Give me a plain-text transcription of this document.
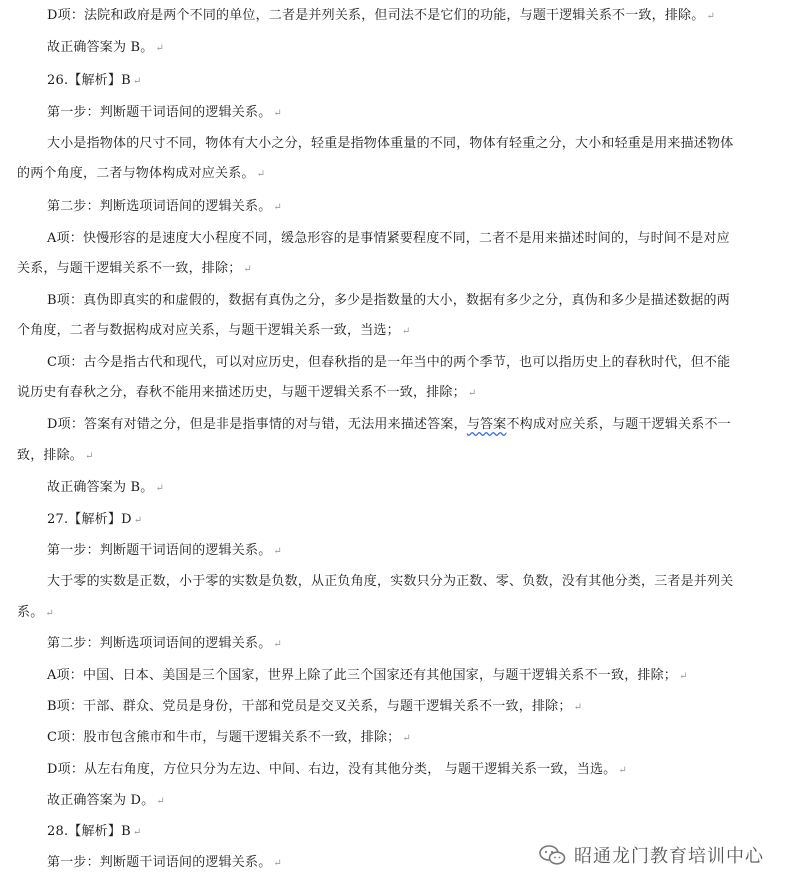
D项：法院和政府是两个不同的单位，二者是并列关系，但司法不是它们的功能，与题干逻辑关系不一致，排除。 ↵
故正确答案为 B。 ↵
26.【解析】B ↵
第一步：判断题干词语间的逻辑关系。 ↵
大小是指物体的尺寸不同，物体有大小之分，轻重是指物体重量的不同，物体有轻重之分，大小和轻重是用来描述物体
的两个角度，二者与物体构成对应关系。 ↵
第二步：判断选项词语间的逻辑关系。 ↵
A项：快慢形容的是速度大小程度不同，缓急形容的是事情紧要程度不同，二者不是用来描述时间的，与时间不是对应
关系，与题干逻辑关系不一致，排除； ↵
B项：真伪即真实的和虚假的，数据有真伪之分，多少是指数量的大小，数据有多少之分，真伪和多少是描述数据的两
个角度，二者与数据构成对应关系，与题干逻辑关系一致，当选； ↵
C项：古今是指古代和现代，可以对应历史，但春秋指的是一年当中的两个季节，也可以指历史上的春秋时代，但不能
说历史有春秋之分，春秋不能用来描述历史，与题干逻辑关系不一致，排除； ↵
D项：答案有对错之分，但是非是指事情的对与错，无法用来描述答案，与答案不构成对应关系，与题干逻辑关系不一
致，排除。 ↵
故正确答案为 B。 ↵
27.【解析】D ↵
第一步：判断题干词语间的逻辑关系。 ↵
大于零的实数是正数，小于零的实数是负数，从正负角度，实数只分为正数、零、负数，没有其他分类，三者是并列关
系。 ↵
第二步：判断选项词语间的逻辑关系。 ↵
A项：中国、日本、美国是三个国家，世界上除了此三个国家还有其他国家，与题干逻辑关系不一致，排除； ↵
B项：干部、群众、党员是身份，干部和党员是交叉关系，与题干逻辑关系不一致，排除； ↵
C项：股市包含熊市和牛市，与题干逻辑关系不一致，排除； ↵
D项：从左右角度，方位只分为左边、中间、右边，没有其他分类， 与题干逻辑关系一致，当选。 ↵
故正确答案为 D。 ↵
28.【解析】B ↵
第一步：判断题干词语间的逻辑关系。 ↵	昭通龙门教育培训中心
